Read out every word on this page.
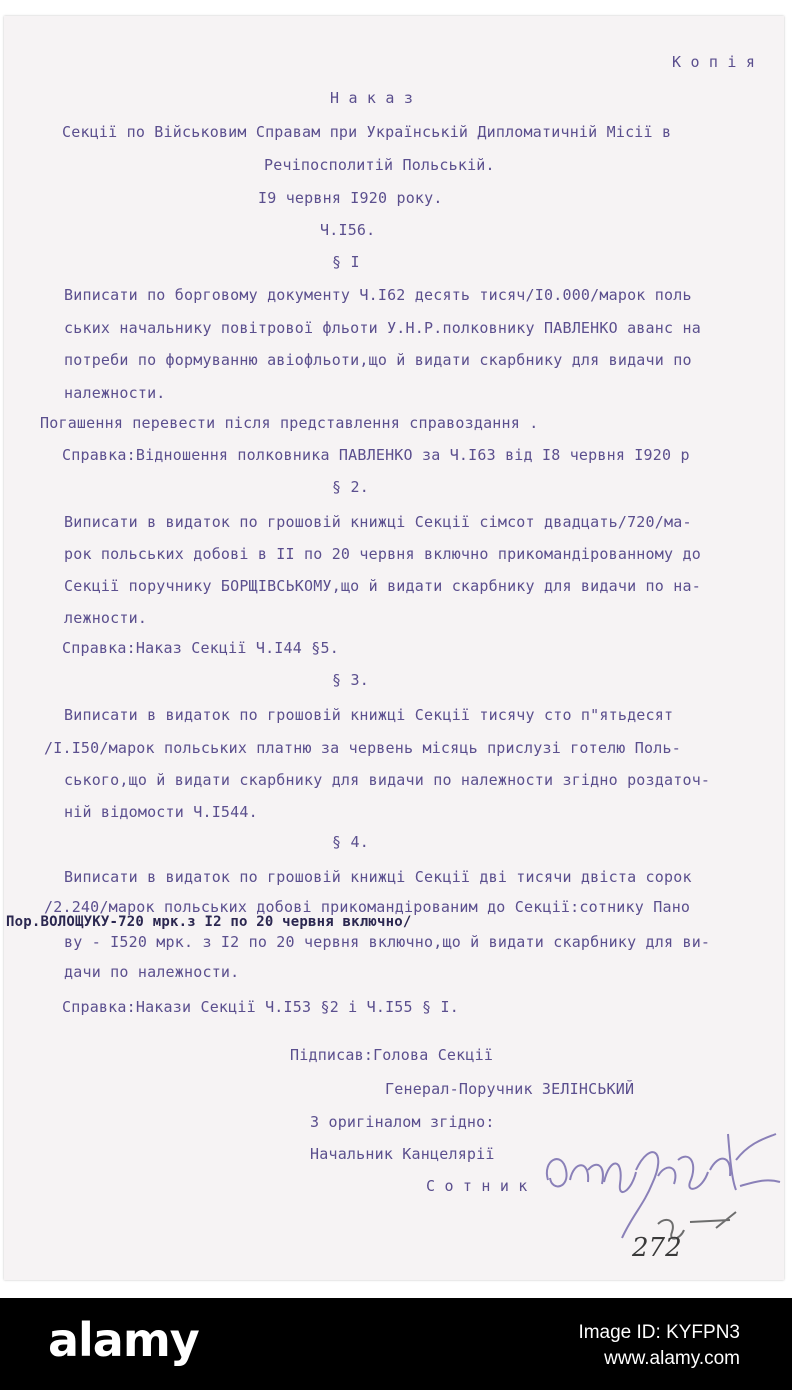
К о п і я
Н а к а з
Секції по Військовим Справам при Українській Дипломатичній Місії в
Речіпосполитій Польській.
I9 червня I920 року.
Ч.I56.
§ I
Виписати по борговому документу Ч.I62 десять тисяч/I0.000/марок поль
ських начальнику повітрової фльоти У.Н.Р.полковнику ПАВЛЕНКО аванс на
потреби по формуванню авіофльоти,що й видати скарбнику для видачи по
належности.
Погашення перевести після представлення справоздання .
Справка:Відношення полковника ПАВЛЕНКО за Ч.I63 від I8 червня I920 р
§ 2.
Виписати в видаток по грошовій книжці Секції сімсот двадцать/720/ма-
рок польських добові в II по 20 червня включно прикомандірованному до
Секції поручнику БОРЩІВСЬКОМУ,що й видати скарбнику для видачи по на-
лежности.
Справка:Наказ Секції Ч.I44 §5.
§ 3.
Виписати в видаток по грошовій книжці Секції тисячу сто п"ятьдесят
/I.I50/марок польських платню за червень місяць прислузі готелю Поль-
ського,що й видати скарбнику для видачи по належности згідно роздаточ-
ній відомости Ч.I544.
§ 4.
Виписати в видаток по грошовій книжці Секції дві тисячи двіста сорок
/2.240/марок польських добові прикомандірованим до Секції:сотнику Пано
Пор.ВОЛОЩУКУ-720 мрк.з I2 по 20 червня включно/
ву - I520 мрк. з I2 по 20 червня включно,що й видати скарбнику для ви-
дачи по належности.
Справка:Накази Секції Ч.I53 §2 і Ч.I55 § I.
Підписав:Голова Секції
Генерал-Поручник ЗЕЛІНСЬКИЙ
З оригіналом згідно:
Начальник Канцелярії
С о т н и к
272
alamy	Image ID: KYFPN3
www.alamy.com
